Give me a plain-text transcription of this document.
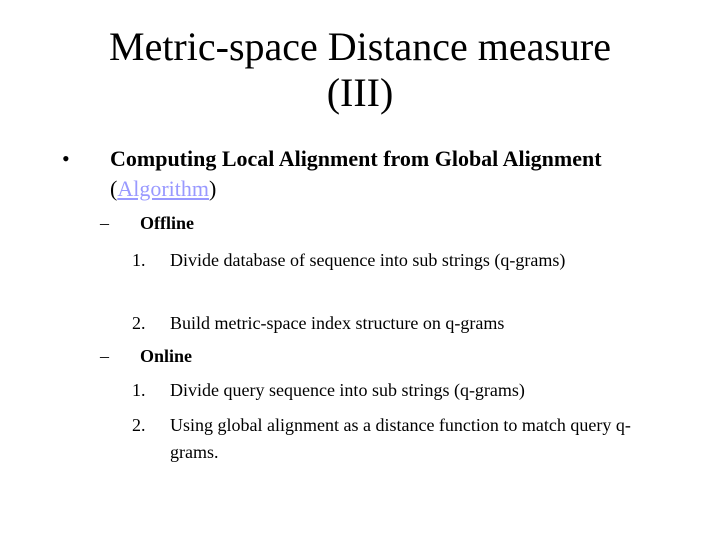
Metric-space Distance measure
(III)
• Computing Local Alignment from Global Alignment (Algorithm)
– Offline
1. Divide database of sequence into sub strings (q-grams)
2. Build metric-space index structure on q-grams
– Online
1. Divide query sequence into sub strings (q-grams)
2. Using global alignment as a distance function to match query q-grams.
